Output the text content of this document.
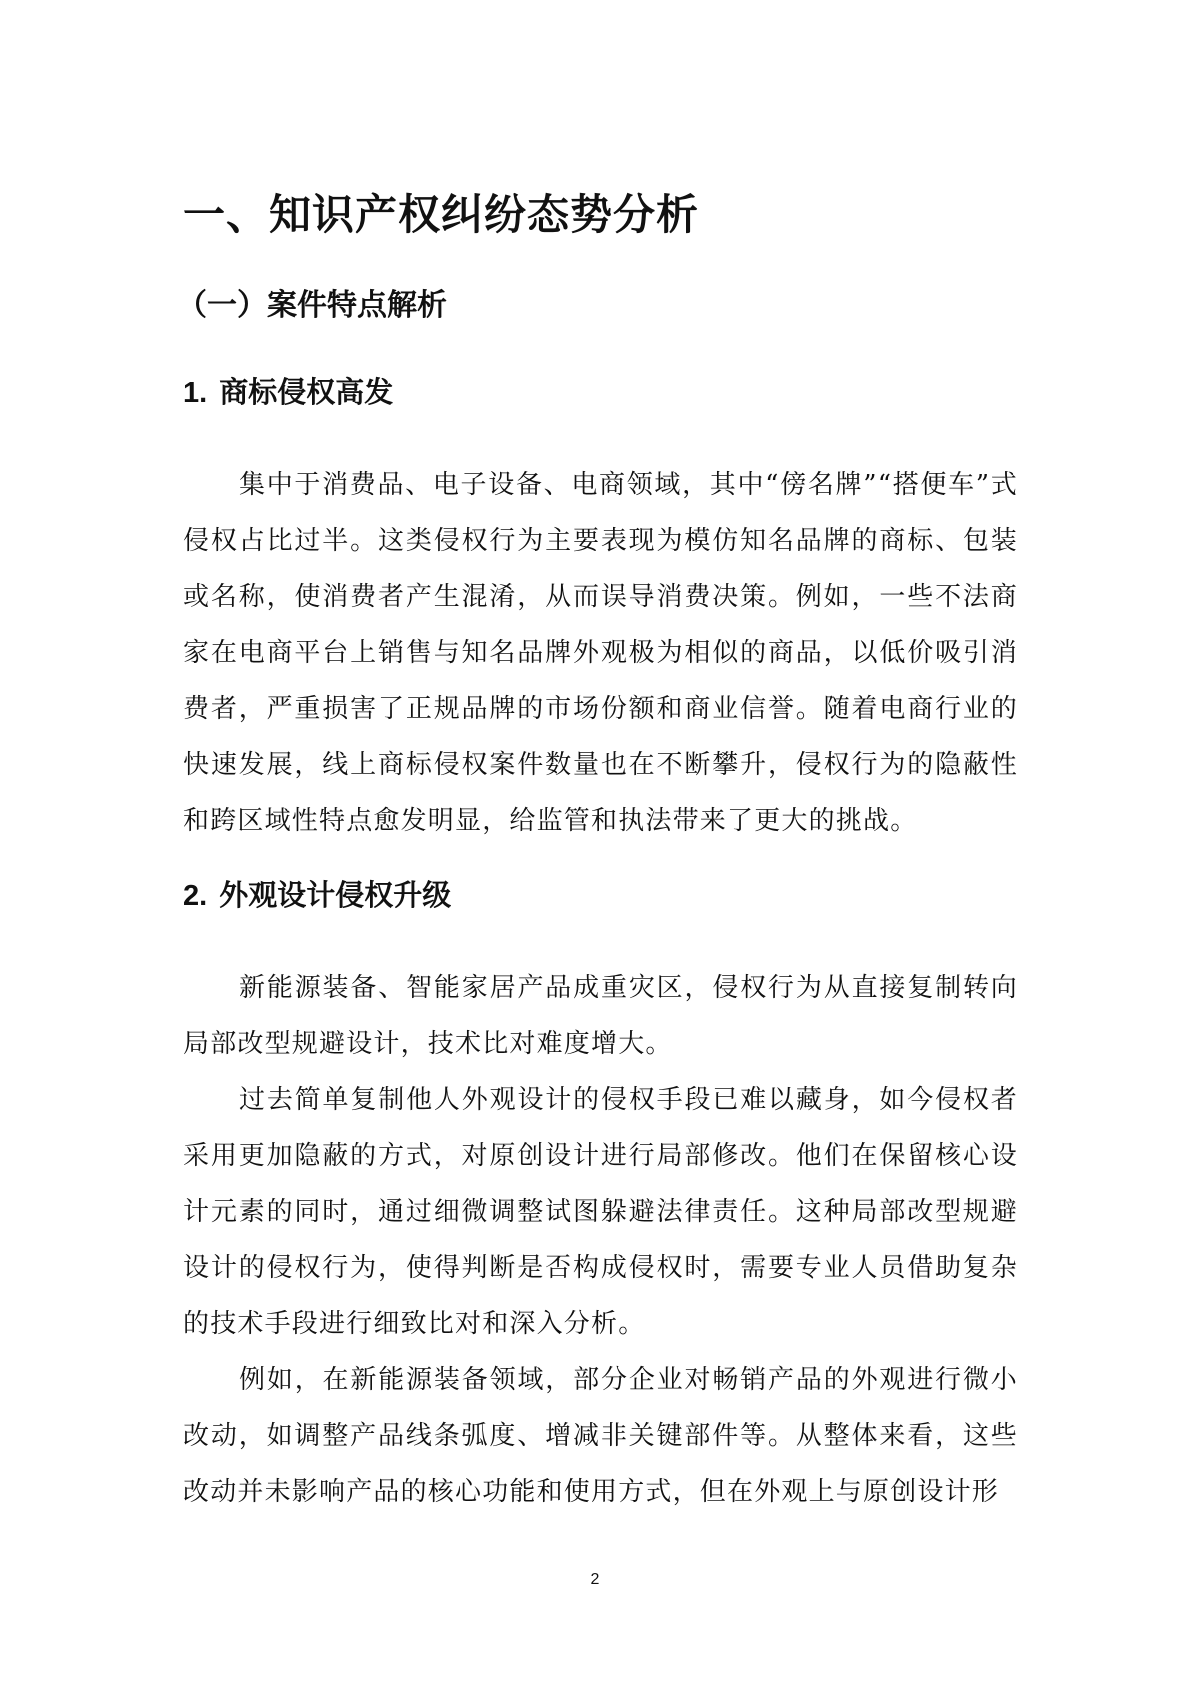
一、知识产权纠纷态势分析
（一）案件特点解析
1. 商标侵权高发

集中于消费品、电子设备、电商领域，其中“傍名牌”“搭便车”式侵权占比过半。这类侵权行为主要表现为模仿知名品牌的商标、包装或名称，使消费者产生混淆，从而误导消费决策。例如，一些不法商家在电商平台上销售与知名品牌外观极为相似的商品，以低价吸引消费者，严重损害了正规品牌的市场份额和商业信誉。随着电商行业的快速发展，线上商标侵权案件数量也在不断攀升，侵权行为的隐蔽性和跨区域性特点愈发明显，给监管和执法带来了更大的挑战。

2. 外观设计侵权升级

新能源装备、智能家居产品成重灾区，侵权行为从直接复制转向局部改型规避设计，技术比对难度增大。

过去简单复制他人外观设计的侵权手段已难以藏身，如今侵权者采用更加隐蔽的方式，对原创设计进行局部修改。他们在保留核心设计元素的同时，通过细微调整试图躲避法律责任。这种局部改型规避设计的侵权行为，使得判断是否构成侵权时，需要专业人员借助复杂的技术手段进行细致比对和深入分析。

例如，在新能源装备领域，部分企业对畅销产品的外观进行微小改动，如调整产品线条弧度、增减非关键部件等。从整体来看，这些改动并未影响产品的核心功能和使用方式，但在外观上与原创设计形

2
